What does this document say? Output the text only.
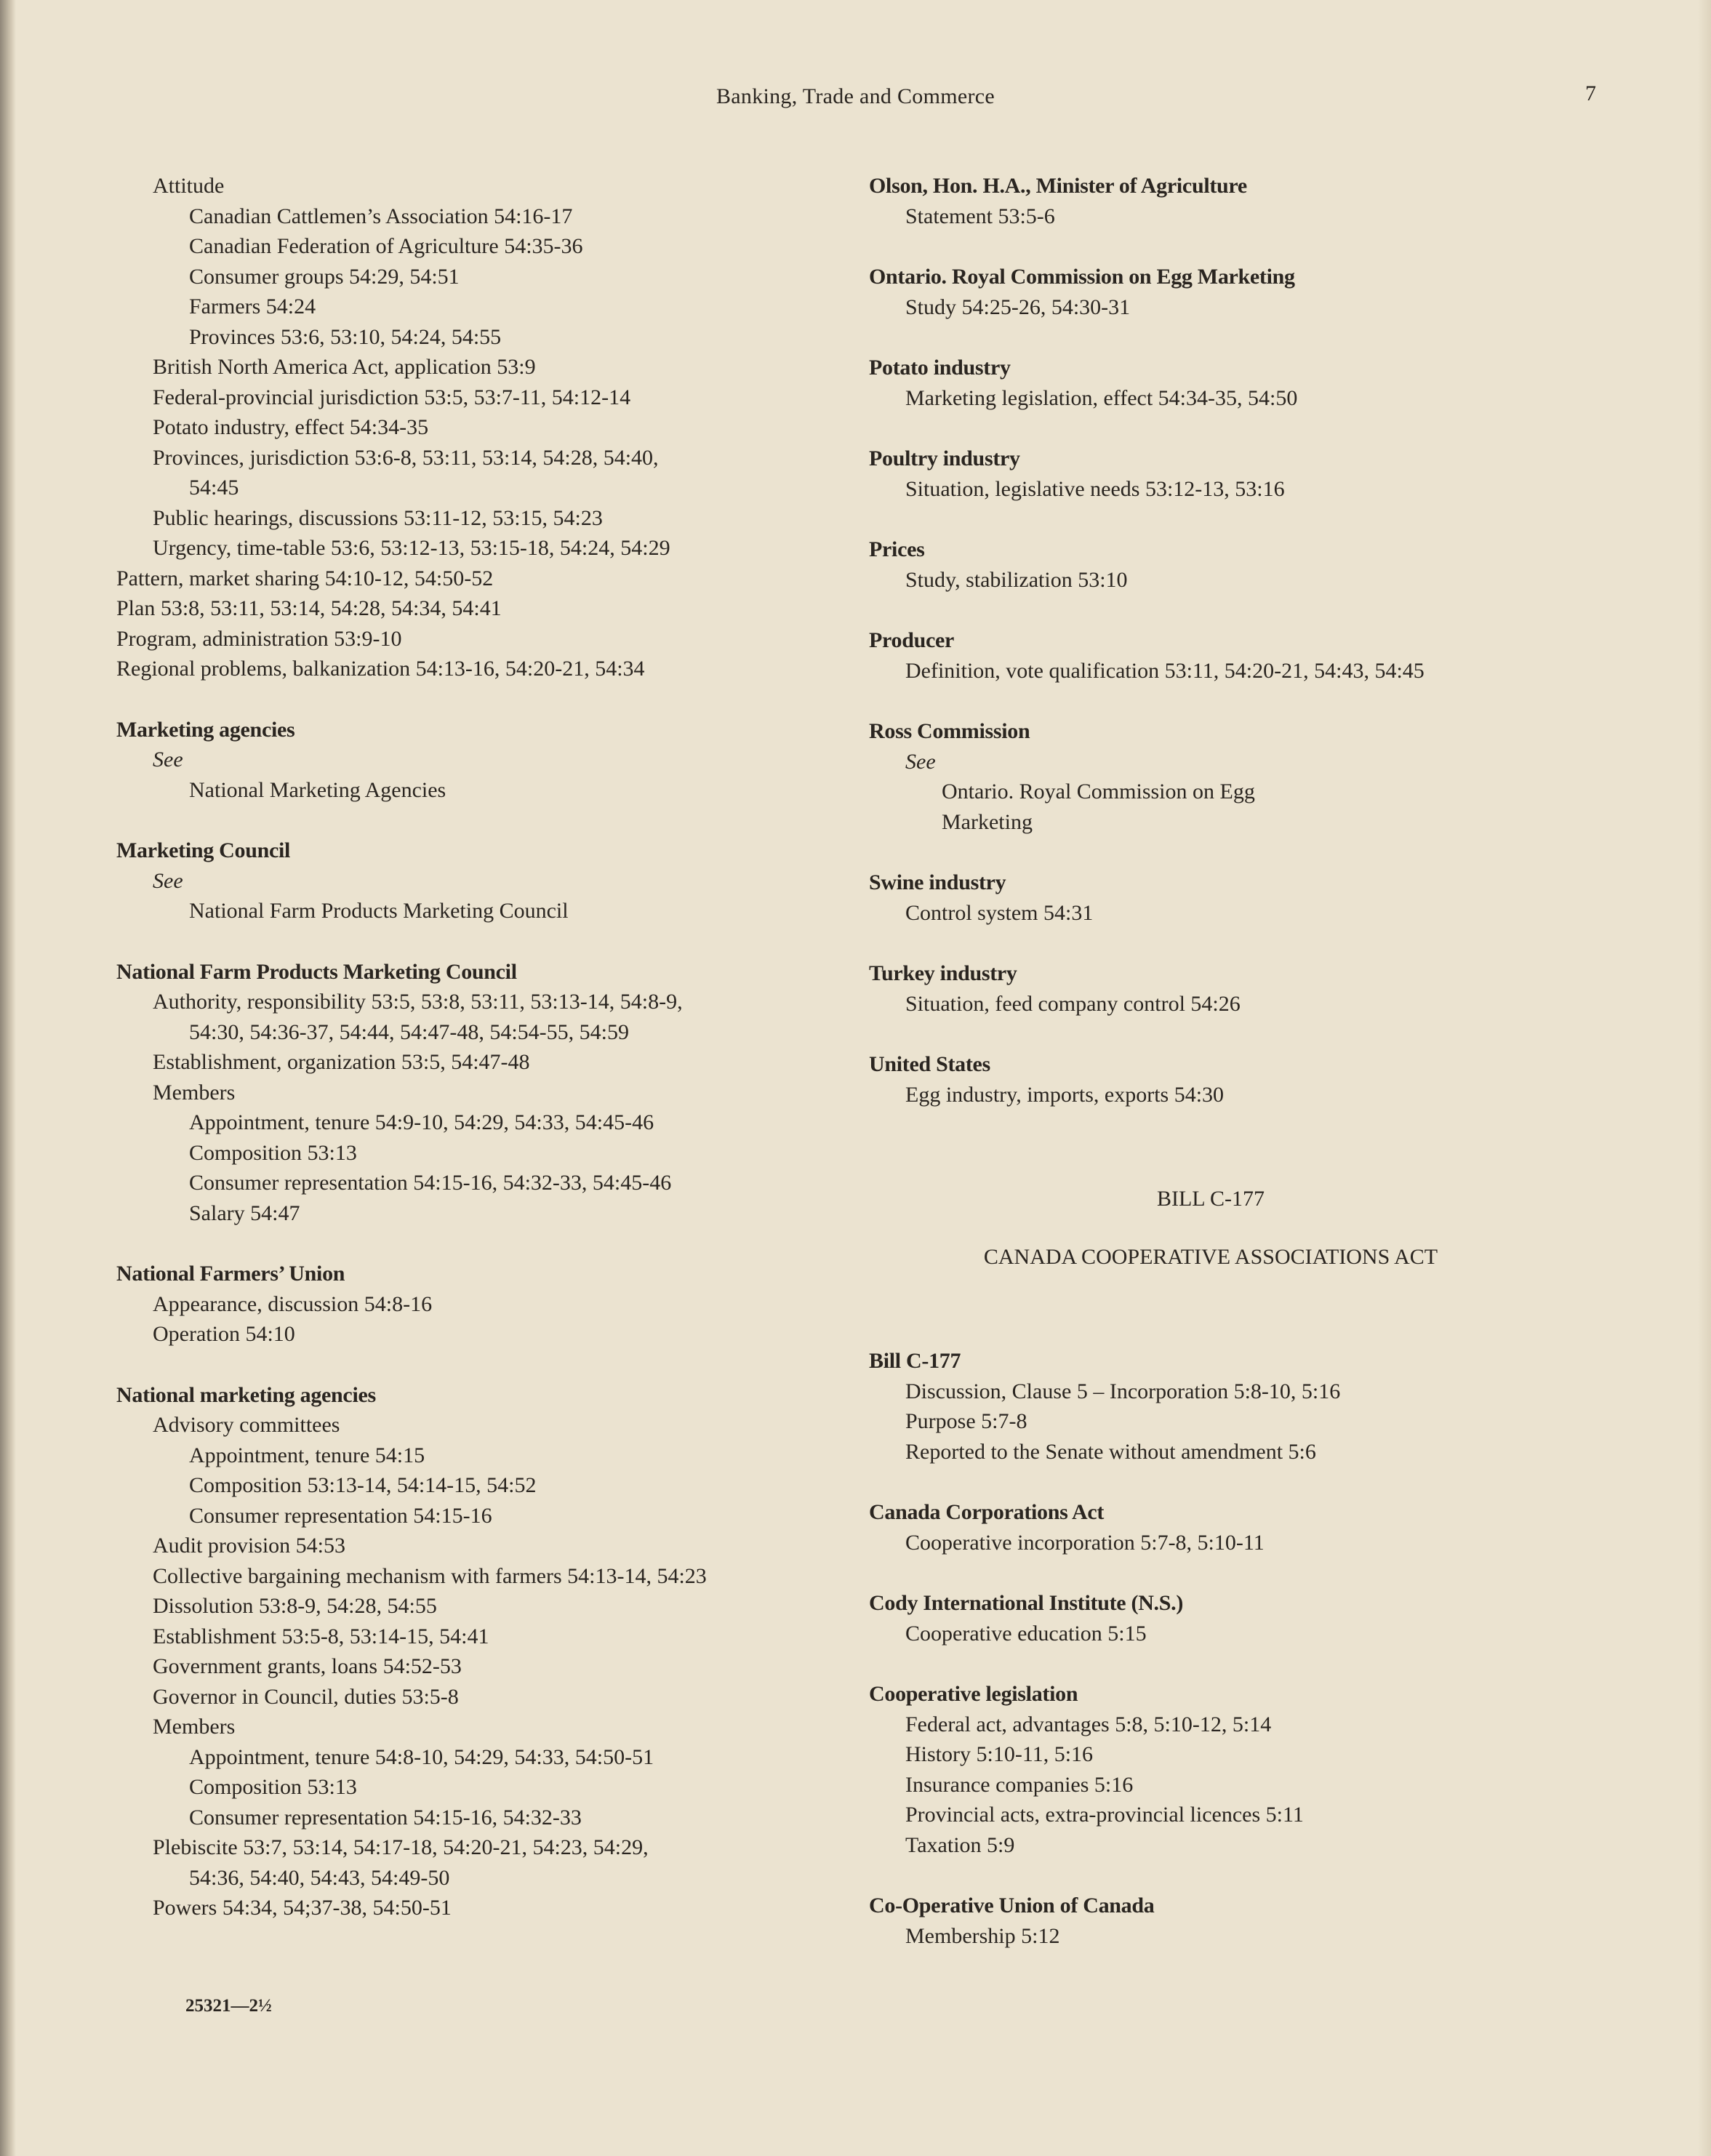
Banking, Trade and Commerce	7
Attitude
Canadian Cattlemen’s Association 54:16-17
Canadian Federation of Agriculture 54:35-36
Consumer groups 54:29, 54:51
Farmers 54:24
Provinces 53:6, 53:10, 54:24, 54:55
British North America Act, application 53:9
Federal-provincial jurisdiction 53:5, 53:7-11, 54:12-14
Potato industry, effect 54:34-35
Provinces, jurisdiction 53:6-8, 53:11, 53:14, 54:28, 54:40,
54:45
Public hearings, discussions 53:11-12, 53:15, 54:23
Urgency, time-table 53:6, 53:12-13, 53:15-18, 54:24, 54:29
Pattern, market sharing 54:10-12, 54:50-52
Plan 53:8, 53:11, 53:14, 54:28, 54:34, 54:41
Program, administration 53:9-10
Regional problems, balkanization 54:13-16, 54:20-21, 54:34
Marketing agencies
See
National Marketing Agencies
Marketing Council
See
National Farm Products Marketing Council
National Farm Products Marketing Council
Authority, responsibility 53:5, 53:8, 53:11, 53:13-14, 54:8-9,
54:30, 54:36-37, 54:44, 54:47-48, 54:54-55, 54:59
Establishment, organization 53:5, 54:47-48
Members
Appointment, tenure 54:9-10, 54:29, 54:33, 54:45-46
Composition 53:13
Consumer representation 54:15-16, 54:32-33, 54:45-46
Salary 54:47
National Farmers’ Union
Appearance, discussion 54:8-16
Operation 54:10
National marketing agencies
Advisory committees
Appointment, tenure 54:15
Composition 53:13-14, 54:14-15, 54:52
Consumer representation 54:15-16
Audit provision 54:53
Collective bargaining mechanism with farmers 54:13-14, 54:23
Dissolution 53:8-9, 54:28, 54:55
Establishment 53:5-8, 53:14-15, 54:41
Government grants, loans 54:52-53
Governor in Council, duties 53:5-8
Members
Appointment, tenure 54:8-10, 54:29, 54:33, 54:50-51
Composition 53:13
Consumer representation 54:15-16, 54:32-33
Plebiscite 53:7, 53:14, 54:17-18, 54:20-21, 54:23, 54:29,
54:36, 54:40, 54:43, 54:49-50
Powers 54:34, 54;37-38, 54:50-51
Olson, Hon. H.A., Minister of Agriculture
Statement 53:5-6
Ontario. Royal Commission on Egg Marketing
Study 54:25-26, 54:30-31
Potato industry
Marketing legislation, effect 54:34-35, 54:50
Poultry industry
Situation, legislative needs 53:12-13, 53:16
Prices
Study, stabilization 53:10
Producer
Definition, vote qualification 53:11, 54:20-21, 54:43, 54:45
Ross Commission
See
Ontario. Royal Commission on Egg
Marketing
Swine industry
Control system 54:31
Turkey industry
Situation, feed company control 54:26
United States
Egg industry, imports, exports 54:30
BILL C-177
CANADA COOPERATIVE ASSOCIATIONS ACT
Bill C-177
Discussion, Clause 5 – Incorporation 5:8-10, 5:16
Purpose 5:7-8
Reported to the Senate without amendment 5:6
Canada Corporations Act
Cooperative incorporation 5:7-8, 5:10-11
Cody International Institute (N.S.)
Cooperative education 5:15
Cooperative legislation
Federal act, advantages 5:8, 5:10-12, 5:14
History 5:10-11, 5:16
Insurance companies 5:16
Provincial acts, extra-provincial licences 5:11
Taxation 5:9
Co-Operative Union of Canada
Membership 5:12
25321—2½
